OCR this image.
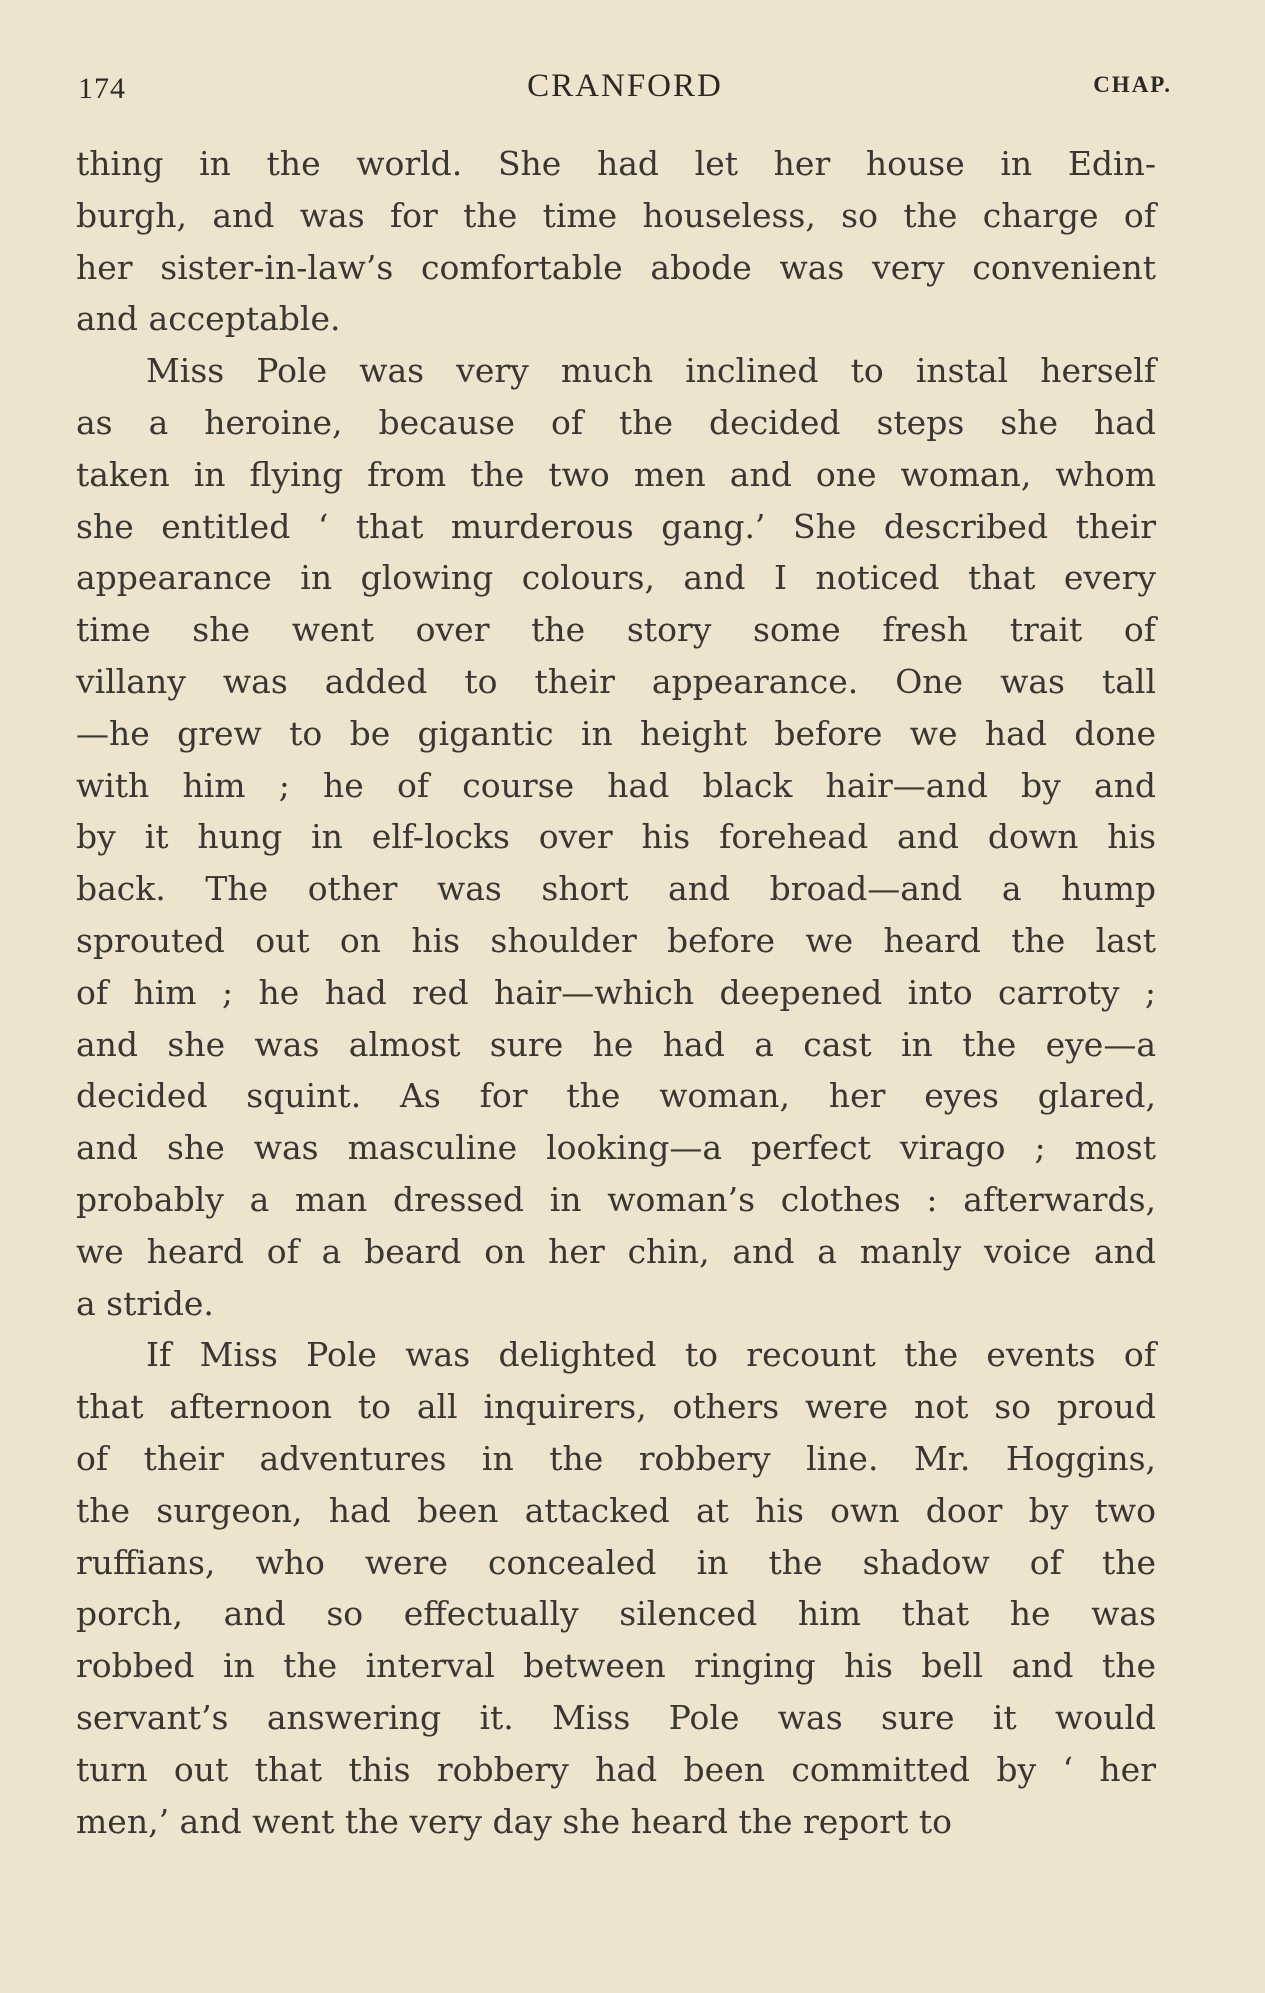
174	CRANFORD	CHAP.
thing in the world. She had let her house in Edin-
burgh, and was for the time houseless, so the charge of
her sister-in-law’s comfortable abode was very convenient
and acceptable.
Miss Pole was very much inclined to instal herself
as a heroine, because of the decided steps she had
taken in flying from the two men and one woman, whom
she entitled ‘ that murderous gang.’ She described their
appearance in glowing colours, and I noticed that every
time she went over the story some fresh trait of
villany was added to their appearance. One was tall
—he grew to be gigantic in height before we had done
with him ; he of course had black hair—and by and
by it hung in elf-locks over his forehead and down his
back. The other was short and broad—and a hump
sprouted out on his shoulder before we heard the last
of him ; he had red hair—which deepened into carroty ;
and she was almost sure he had a cast in the eye—a
decided squint. As for the woman, her eyes glared,
and she was masculine looking—a perfect virago ; most
probably a man dressed in woman’s clothes : afterwards,
we heard of a beard on her chin, and a manly voice and
a stride.
If Miss Pole was delighted to recount the events of
that afternoon to all inquirers, others were not so proud
of their adventures in the robbery line. Mr. Hoggins,
the surgeon, had been attacked at his own door by two
ruffians, who were concealed in the shadow of the
porch, and so effectually silenced him that he was
robbed in the interval between ringing his bell and the
servant’s answering it. Miss Pole was sure it would
turn out that this robbery had been committed by ‘ her
men,’ and went the very day she heard the report to
